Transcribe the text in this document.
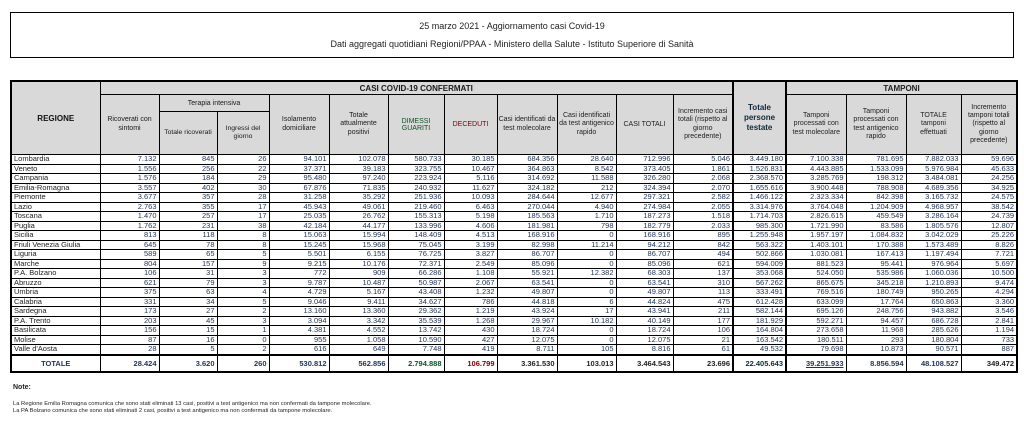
25 marzo 2021 - Aggiornamento casi Covid-19
Dati aggregati quotidiani Regioni/PPAA - Ministero della Salute - Istituto Superiore di Sanità
REGIONE	CASI COVID-19 CONFERMATI											Totale persone testate	TAMPONI			
	Ricoverati con sintomi	Terapia intensiva		Isolamento domiciliare	Totale attualmente positivi	DIMESSI GUARITI	DECEDUTI	Casi identificati da test molecolare	Casi identificati da test antigenico rapido	CASI TOTALI	Incremento casi totali (rispetto al giorno precedente)		Tamponi processati con test molecolare	Tamponi processati con test antigenico rapido	TOTALE tamponi effettuati	Incremento tamponi totali (rispetto al giorno precedente)
		Totale ricoverati	Ingressi del giorno													
Lombardia	7.132	845	26	94.101	102.078	580.733	30.185	684.356	28.640	712.996	5.046	3.449.180	7.100.338	781.695	7.882.033	59.696
Veneto	1.556	256	22	37.371	39.183	323.755	10.467	364.863	8.542	373.405	1.861	1.526.831	4.443.885	1.533.099	5.976.984	45.633
Campania	1.576	184	29	95.480	97.240	223.924	5.116	314.692	11.588	326.280	2.068	2.368.570	3.285.769	198.312	3.484.081	24.256
Emilia-Romagna	3.557	402	30	67.876	71.835	240.932	11.627	324.182	212	324.394	2.070	1.655.616	3.900.448	788.908	4.689.356	34.925
Piemonte	3.677	357	28	31.258	35.292	251.936	10.093	284.644	12.677	297.321	2.582	1.466.122	2.323.334	842.398	3.165.732	24.575
Lazio	2.763	355	17	45.943	49.061	219.460	6.463	270.044	4.940	274.984	2.055	3.314.976	3.764.048	1.204.909	4.968.957	38.542
Toscana	1.470	257	17	25.035	26.762	155.313	5.198	185.563	1.710	187.273	1.518	1.714.703	2.826.615	459.549	3.286.164	24.739
Puglia	1.762	231	38	42.184	44.177	133.996	4.606	181.981	798	182.779	2.033	985.300	1.721.990	83.586	1.805.576	12.807
Sicilia	813	118	8	15.063	15.994	148.409	4.513	168.916	0	168.916	895	1.255.948	1.957.197	1.084.832	3.042.029	25.226
Friuli Venezia Giulia	645	78	8	15.245	15.968	75.045	3.199	82.998	11.214	94.212	842	563.322	1.403.101	170.388	1.573.489	8.826
Liguria	589	65	5	5.501	6.155	76.725	3.827	86.707	0	86.707	494	502.866	1.030.081	167.413	1.197.494	7.721
Marche	804	157	9	9.215	10.176	72.371	2.549	85.096	0	85.096	621	594.009	881.523	95.441	976.964	5.697
P.A. Bolzano	106	31	3	772	909	66.286	1.108	55.921	12.382	68.303	137	353.068	524.050	535.986	1.060.036	10.500
Abruzzo	621	79	3	9.787	10.487	50.987	2.067	63.541	0	63.541	310	567.262	865.675	345.218	1.210.893	9.474
Umbria	375	63	4	4.729	5.167	43.408	1.232	49.807	0	49.807	113	333.491	769.516	180.749	950.265	4.294
Calabria	331	34	5	9.046	9.411	34.627	786	44.818	6	44.824	475	612.428	633.099	17.764	650.863	3.360
Sardegna	173	27	2	13.160	13.360	29.362	1.219	43.924	17	43.941	211	582.144	695.126	248.756	943.882	3.546
P.A. Trento	203	45	3	3.094	3.342	35.539	1.268	29.967	10.182	40.149	177	181.929	592.271	94.457	686.728	2.841
Basilicata	156	15	1	4.381	4.552	13.742	430	18.724	0	18.724	106	164.804	273.658	11.968	285.626	1.194
Molise	87	16	0	955	1.058	10.590	427	12.075	0	12.075	21	163.542	180.511	293	180.804	733
Valle d'Aosta	28	5	2	616	649	7.748	419	8.711	105	8.816	61	49.532	79.698	10.873	90.571	887
TOTALE	28.424	3.620	260	530.812	562.856	2.794.888	106.799	3.361.530	103.013	3.464.543	23.696	22.405.643	39.251.933	8.856.594	48.108.527	349.472
Note:
La Regione Emilia Romagna comunica che sono stati eliminati 13 casi, positivi a test antigenico ma non confermati da tampone molecolare.
La PA Bolzano comunica che sono stati eliminati 2 casi, positivi a test antigenico ma non confermati da tampone molecolare.
